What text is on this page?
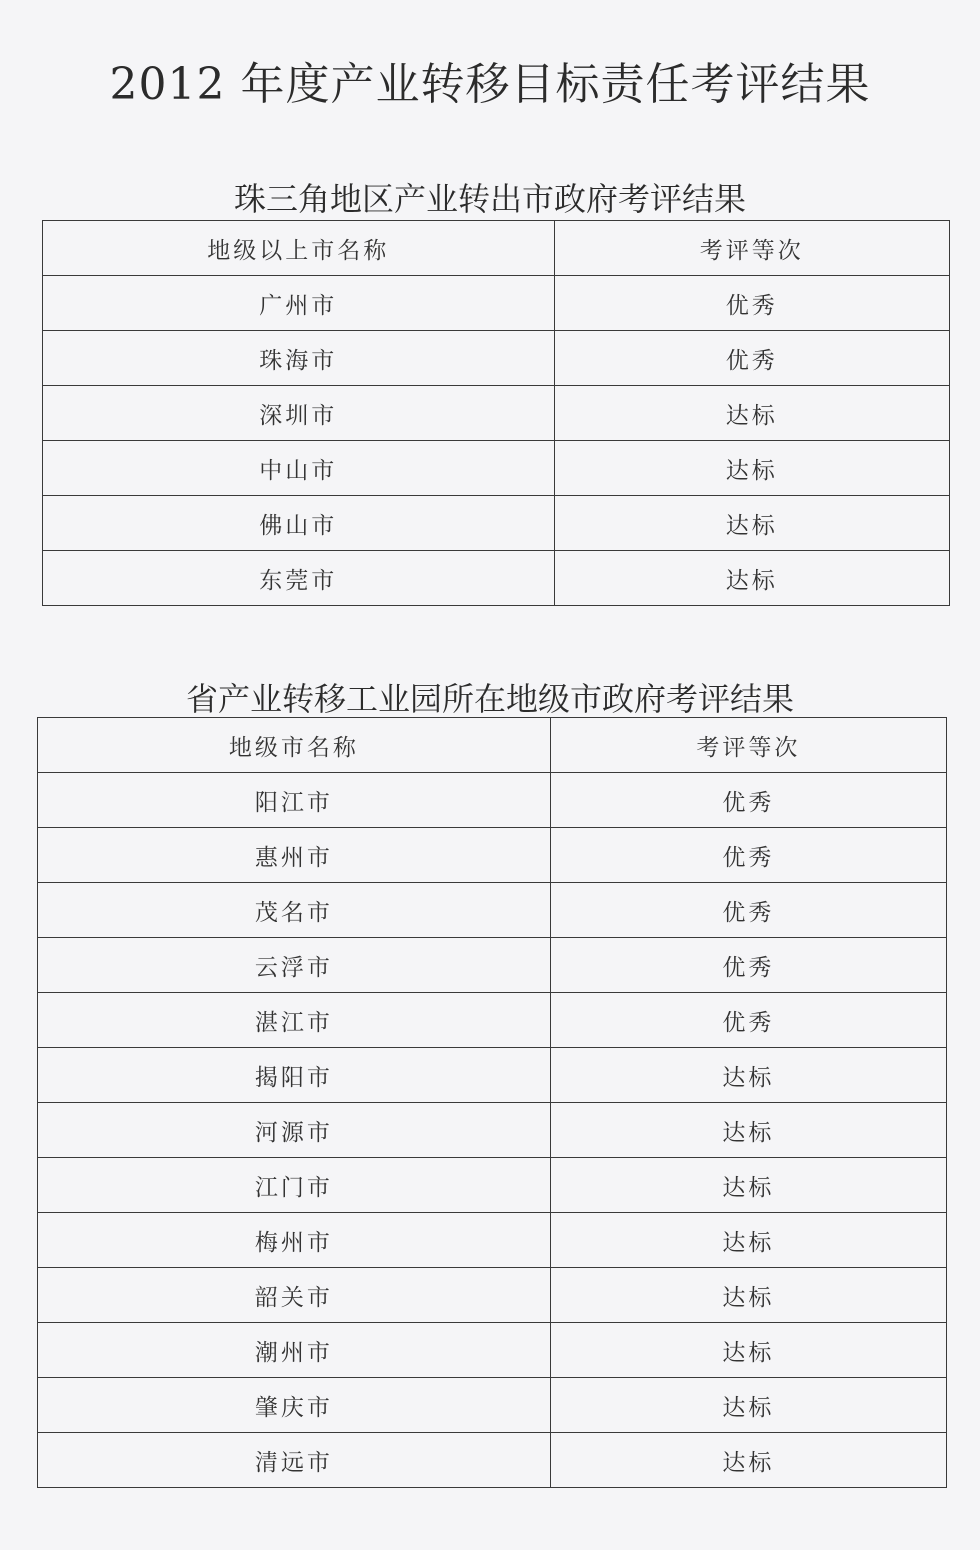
2012 年度产业转移目标责任考评结果
珠三角地区产业转出市政府考评结果
地级以上市名称	考评等次
广州市	优秀
珠海市	优秀
深圳市	达标
中山市	达标
佛山市	达标
东莞市	达标
省产业转移工业园所在地级市政府考评结果
地级市名称	考评等次
阳江市	优秀
惠州市	优秀
茂名市	优秀
云浮市	优秀
湛江市	优秀
揭阳市	达标
河源市	达标
江门市	达标
梅州市	达标
韶关市	达标
潮州市	达标
肇庆市	达标
清远市	达标
